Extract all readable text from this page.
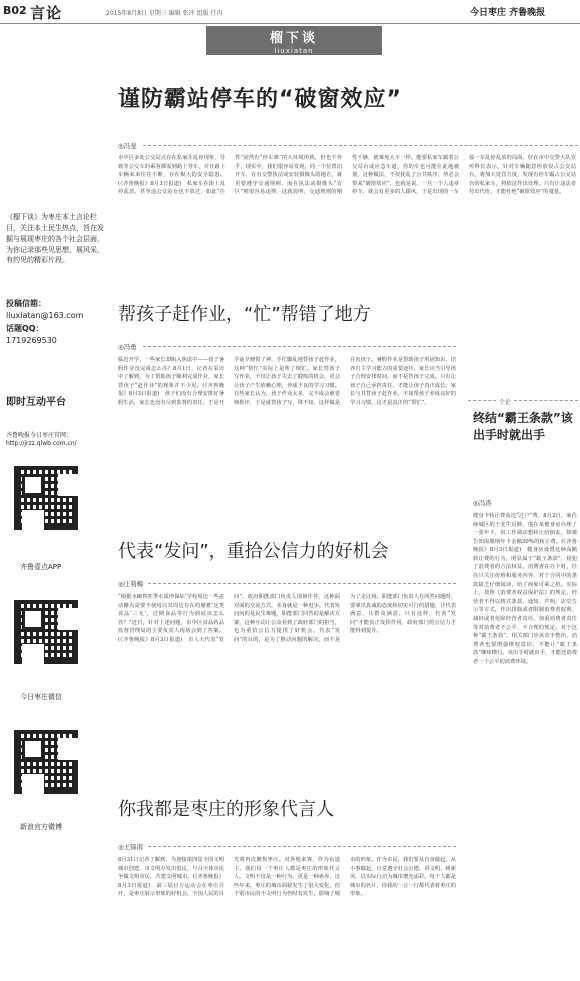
B02 言论	2015年8月8日 星期三 编辑 张冲 组版 任冉	今日枣庄 齐鲁晚报
榴下谈
liuxiatan
《榴下谈》为枣庄本土言论栏目，关注本土民生热点，旨在发掘与展现枣庄的各个社会层面，为你记录那些见思想，展风采，有约见的精彩片段。
投稿信箱：
liuxiatan@163.com
话题QQ：
1719269530
即时互动平台
齐鲁晚报今日枣庄官网：
http://jrzz.qlwb.com.cn/
齐鲁壹点APP
今日枣庄微信
新浪官方微博
谨防霸站停车的“破窗效应”
◎冯斐
市中区多处公交站点存在私家车乱停现象，导致等公交车的乘客都需到路上等车，并且路上车辆来来往往不断，存在极大的安全隐患。(《齐鲁晚报》8月3日报道)　私家车在街上乱停乱放，甚至违公交站台也不放过，如此“任性”固然有“停车难”的大环境所致，但也不外乎，现实中，我们很容易发现，同一个位置泊开车，在有交警执法或安装摄像头的地方，就更要遵守交通规则，而在执法或摄像头“盲区”则很容易违规，这就说明，交通规则的刚性不够，就难免大不一样。能要私家车霸着公交站台或应急车道，你的车也可能在此地被划，这种做法，不仅扰乱了公共秩序，势必会带来“破窗效应”，也就是说，一旦一个人违章停车，就会有更多的人跟风，于是出现的一车接一车乱停乱放的局面。好在市中交警大队宣传科长表示，针对车辆随意停放侵占公交站台，将加大处罚力度，发现有停车霸占公交站台的私家车，将依法作出处理。只有让违法者付出代价，才能杜绝“破窗效应”的蔓延。
帮孩子赶作业，“忙”帮错了地方
◎冯勇
临近开学，一些家长却陷入焦虑中——孩子暑假作业没完成怎么办？8月1日，记者在采访中了解到，为了帮助孩子顺利完成作业，家长替孩子“赶作业”的现象并不少见。(《齐鲁晚报》8月3日报道)　孩子们没有合理安排好暑假生活，家长也没有尽到监督的责任，于是开学前夕便慌了神，手忙脚乱地替孩子赶作业，这种“帮忙”实际上是帮了倒忙。家长替孩子写作业，不仅让孩子失去了锻炼的机会，更会让孩子产生依赖心理，养成不良的学习习惯。有些家长认为，孩子作业太多，完不成会被老师批评，于是就替孩子写，殊不知，这样做是在害孩子。暑假作业是帮助孩子巩固知识、培养自主学习能力的重要途径，家长应当引导孩子合理安排时间，而不是替孩子完成。只有让孩子自己承担责任，才能让孩子真正成长。家长与其替孩子赶作业，不如帮孩子养成良好的学习习惯，这才是真正的“帮忙”。
代表“发问”，重拾公信力的好机会
◎庄利梅
“根据水碗售旺季水质净保证‘学校周边一些流动摊点需要不使用以其周边存在的储蓄’这类食品‘三无’，过期食品等行为到底该怎么管？”近日，针对上述问题，市中区食品药品监督管理局的主要负责人现场会到了答案。(《齐鲁晚报》8月3日报道)　市人大代表“发问”，政府职能部门负责人现场作答，这种面对面的交流方式，本身就是一种进步。代表发问问的是民生难题，职能部门回答的是解决方案，这种互动让公众看到了政府部门的担当，也为重拾公信力提供了好机会。代表“发问”的目的，是为了推动问题的解决，而不是为了走过场。职能部门负责人在回答问题时，要拿出真诚的态度和切实可行的措施，让代表满意，让群众满意。只有这样，代表“发问”才能真正发挥作用，政府部门的公信力才能得到提升。
你我都是枣庄的形象代言人
◎王锦南
8月31日记者了解到，为迎接第四届全国文明城市创建，市文明办发出倡议，号召全体市民争做文明市民，共建文明城市。(《齐鲁晚报》8月3日报道)　第三届官方运动会在枣庄召开，是枣庄展示形象的好机会，全国人民的目光将再次聚焦枣庄。对外地来客，作为东道主，我们每一个枣庄人都是枣庄的形象代言人。文明不仅是一种行为，更是一种素养。这些年来，枣庄的城市面貌发生了很大变化，但个别市民的不文明行为仍时有发生，影响了城市的形象。作为市民，我们要从自身做起，从小事做起，自觉遵守社会公德，讲文明、树新风，以实际行动为城市增光添彩。每个人都是城市的名片，你我的一言一行都代表着枣庄的形象。
个论
终结“霸王条款”该出手时就出手
◎冯涛
健身卡转让费高达“过户”费，8月2日，家住薛城区的王先生反映，他在某健身房办理了一张年卡，因工作调动想转让给朋友，却被告知需缴纳年卡金额30%的转让费。(《齐鲁晚报》8月3日报道)　健身房设置这种高额转让费的行为，明显属于“霸王条款”，侵犯了消费者的合法权益。消费者在办卡时，往往只关注价格和服务内容，对于合同中的条款缺乏仔细阅读，给了商家可乘之机。实际上，按照《消费者权益保护法》的规定，经营者不得以格式条款、通知、声明、店堂告示等方式，作出排除或者限制消费者权利、减轻或者免除经营者责任、加重消费者责任等对消费者不公平、不合理的规定。对于这种“霸王条款”，相关部门应该出手整治，消费者也要增强维权意识，不能让“霸王条款”继续横行。该出手时就出手，才能还消费者一个公平的消费环境。
